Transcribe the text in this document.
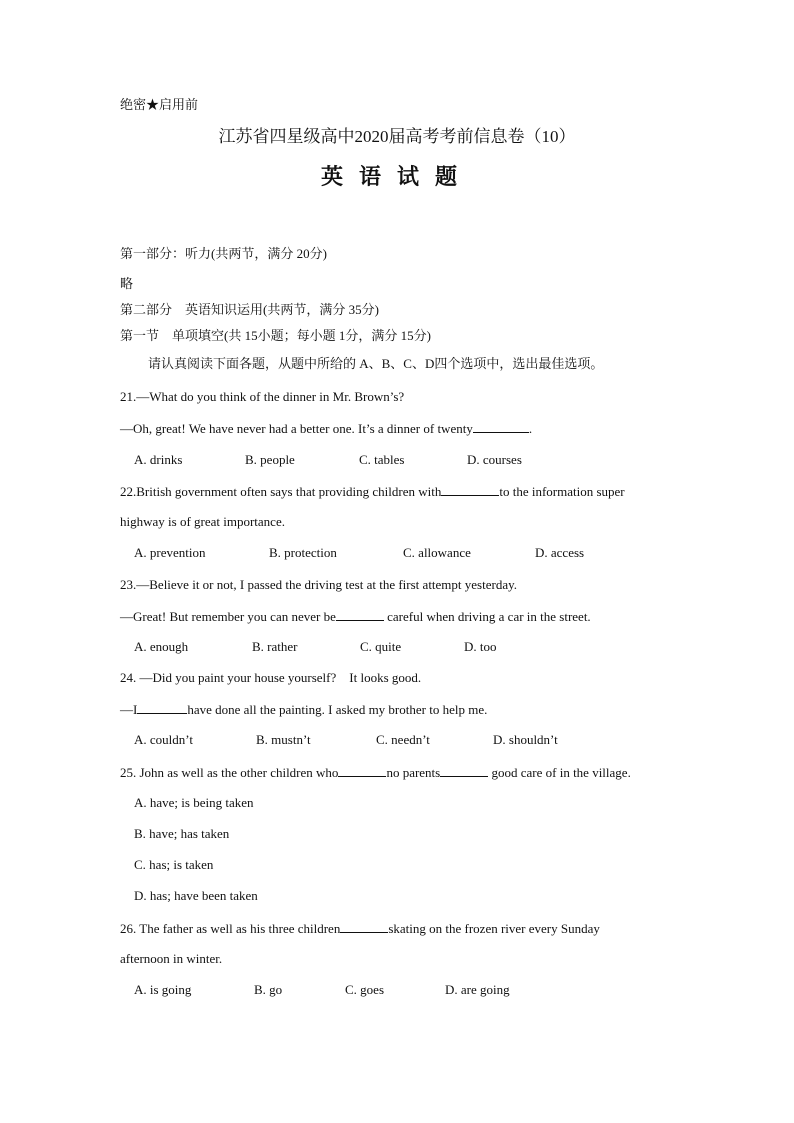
绝密★启用前
江苏省四星级高中2020届高考考前信息卷（10）
英语试题
第一部分：听力(共两节，满分 20分)
略
第二部分　英语知识运用(共两节，满分 35分)
第一节　单项填空(共 15小题；每小题 1分，满分 15分)
请认真阅读下面各题，从题中所给的 A、B、C、D四个选项中，选出最佳选项。
21.—What do you think of the dinner in Mr. Brown’s?
—Oh, great! We have never had a better one. It’s a dinner of twenty	.
A. drinks	B. people	C. tables	D. courses
22.British government often says that providing children with	to the information super
highway is of great importance.
A. prevention	B. protection	C. allowance	D. access
23.—Believe it or not, I passed the driving test at the first attempt yesterday.
—Great! But remember you can never be	careful when driving a car in the street.
A. enough	B. rather	C. quite	D. too
24. —Did you paint your house yourself?　It looks good.
—I	have done all the painting. I asked my brother to help me.
A. couldn’t	B. mustn’t	C. needn’t	D. shouldn’t
25. John as well as the other children who	no parents	good care of in the village.
A. have; is being taken
B. have; has taken
C. has; is taken
D. has; have been taken
26. The father as well as his three children	skating on the frozen river every Sunday
afternoon in winter.
A. is going	B. go	C. goes	D. are going
